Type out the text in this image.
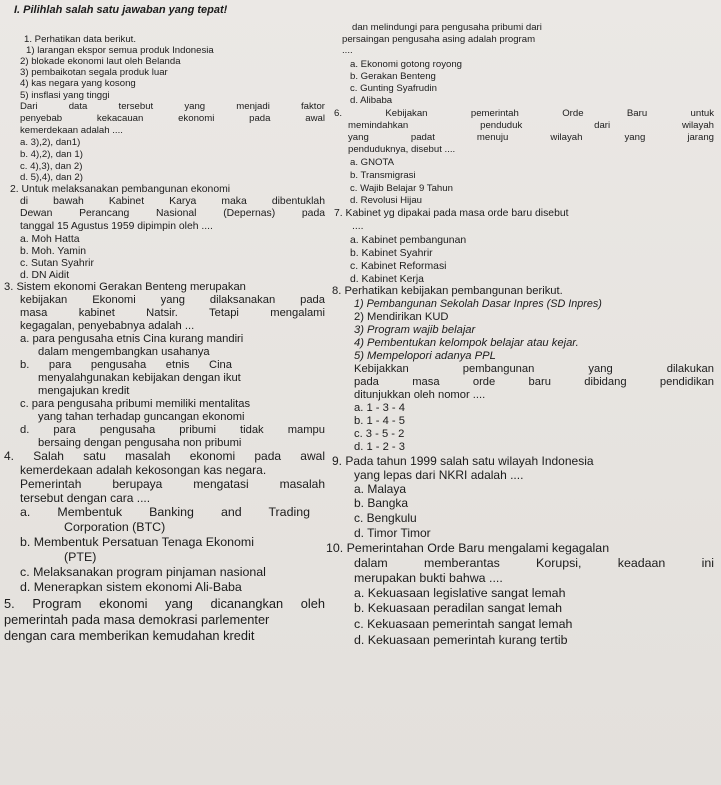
I. Pilihlah salah satu jawaban yang tepat!
1. Perhatikan data berikut.
1) larangan ekspor semua produk Indonesia
2) blokade ekonomi laut oleh Belanda
3) pembaikotan segala produk luar
4) kas negara yang kosong
5) insflasi yang tinggi
Dari data tersebut yang menjadi faktor
penyebab kekacauan ekonomi pada awal
kemerdekaan adalah ....
a. 3),2), dan1)
b. 4),2), dan 1)
c. 4),3), dan 2)
d. 5),4), dan 2)
2. Untuk melaksanakan pembangunan ekonomi
di bawah Kabinet Karya maka dibentuklah
Dewan Perancang Nasional (Depernas) pada
tanggal 15 Agustus 1959 dipimpin oleh ....
a. Moh Hatta
b. Moh. Yamin
c. Sutan Syahrir
d. DN Aidit
3. Sistem ekonomi Gerakan Benteng merupakan
kebijakan Ekonomi yang dilaksanakan pada
masa kabinet Natsir. Tetapi mengalami
kegagalan, penyebabnya adalah ...
a. para pengusaha etnis Cina kurang mandiri
dalam mengembangkan usahanya
b. para pengusaha etnis Cina
menyalahgunakan kebijakan dengan ikut
mengajukan kredit
c. para pengusaha pribumi memiliki mentalitas
yang tahan terhadap guncangan ekonomi
d. para pengusaha pribumi tidak mampu
bersaing dengan pengusaha non pribumi
4. Salah satu masalah ekonomi pada awal
kemerdekaan adalah kekosongan kas negara.
Pemerintah berupaya mengatasi masalah
tersebut dengan cara ....
a. Membentuk Banking and Trading
Corporation (BTC)
b. Membentuk Persatuan Tenaga Ekonomi
(PTE)
c. Melaksanakan program pinjaman nasional
d. Menerapkan sistem ekonomi Ali-Baba
5. Program ekonomi yang dicanangkan oleh
pemerintah pada masa demokrasi parlementer
dengan cara memberikan kemudahan kredit
dan melindungi para pengusaha pribumi dari
persaingan pengusaha asing adalah program
....
a. Ekonomi gotong royong
b. Gerakan Benteng
c. Gunting Syafrudin
d. Alibaba
6. Kebijakan pemerintah Orde Baru untuk
memindahkan penduduk dari wilayah
yang padat menuju wilayah yang jarang
penduduknya, disebut ....
a. GNOTA
b. Transmigrasi
c. Wajib Belajar 9 Tahun
d. Revolusi Hijau
7. Kabinet yg dipakai pada masa orde baru disebut
....
a. Kabinet pembangunan
b. Kabinet Syahrir
c. Kabinet Reformasi
d. Kabinet Kerja
8. Perhatikan kebijakan pembangunan berikut.
1) Pembangunan Sekolah Dasar Inpres (SD Inpres)
2) Mendirikan KUD
3) Program wajib belajar
4) Pembentukan kelompok belajar atau kejar.
5) Mempelopori adanya PPL
Kebijakkan pembangunan yang dilakukan
pada masa orde baru dibidang pendidikan
ditunjukkan oleh nomor ....
a. 1 - 3 - 4
b. 1 - 4 - 5
c. 3 - 5 - 2
d. 1 - 2 - 3
9. Pada tahun 1999 salah satu wilayah Indonesia
yang lepas dari NKRI adalah ....
a. Malaya
b. Bangka
c. Bengkulu
d. Timor Timor
10. Pemerintahan Orde Baru mengalami kegagalan
dalam memberantas Korupsi, keadaan ini
merupakan bukti bahwa ....
a. Kekuasaan legislative sangat lemah
b. Kekuasaan peradilan sangat lemah
c. Kekuasaan pemerintah sangat lemah
d. Kekuasaan pemerintah kurang tertib
